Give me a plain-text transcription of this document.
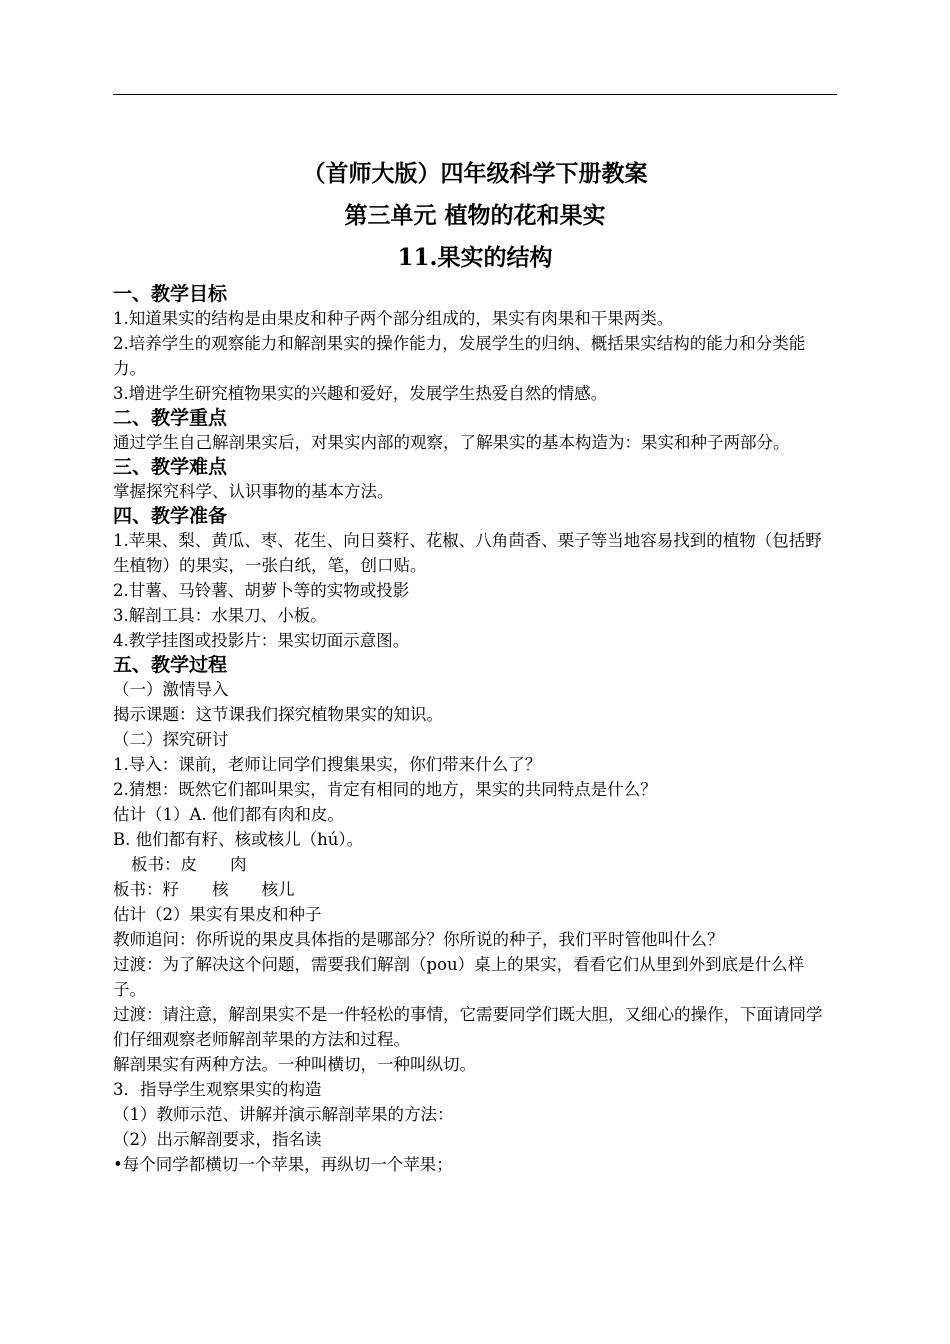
（首师大版）四年级科学下册教案
第三单元 植物的花和果实
11.果实的结构
一、教学目标

1.知道果实的结构是由果皮和种子两个部分组成的，果实有肉果和干果两类。

2.培养学生的观察能力和解剖果实的操作能力，发展学生的归纳、概括果实结构的能力和分类能力。

3.增进学生研究植物果实的兴趣和爱好，发展学生热爱自然的情感。

二、教学重点

通过学生自己解剖果实后，对果实内部的观察，了解果实的基本构造为：果实和种子两部分。

三、教学难点

掌握探究科学、认识事物的基本方法。

四、教学准备

1.苹果、梨、黄瓜、枣、花生、向日葵籽、花椒、八角茴香、栗子等当地容易找到的植物（包括野生植物）的果实，一张白纸，笔，创口贴。

2.甘薯、马铃薯、胡萝卜等的实物或投影

3.解剖工具：水果刀、小板。

4.教学挂图或投影片：果实切面示意图。

五、教学过程

（一）激情导入

揭示课题：这节课我们探究植物果实的知识。

（二）探究研讨

1.导入：课前，老师让同学们搜集果实，你们带来什么了？

2.猜想：既然它们都叫果实，肯定有相同的地方，果实的共同特点是什么？

估计（1）A. 他们都有肉和皮。

B. 他们都有籽、核或核儿（hú）。

板书：皮　　肉

板书：籽　　核　　核儿

估计（2）果实有果皮和种子

教师追问：你所说的果皮具体指的是哪部分？你所说的种子，我们平时管他叫什么？

过渡：为了解决这个问题，需要我们解剖（pou）桌上的果实，看看它们从里到外到底是什么样子。

过渡：请注意，解剖果实不是一件轻松的事情，它需要同学们既大胆，又细心的操作，下面请同学们仔细观察老师解剖苹果的方法和过程。

解剖果实有两种方法。一种叫横切，一种叫纵切。

3．指导学生观察果实的构造

（1）教师示范、讲解并演示解剖苹果的方法：

（2）出示解剖要求，指名读

•每个同学都横切一个苹果，再纵切一个苹果；
